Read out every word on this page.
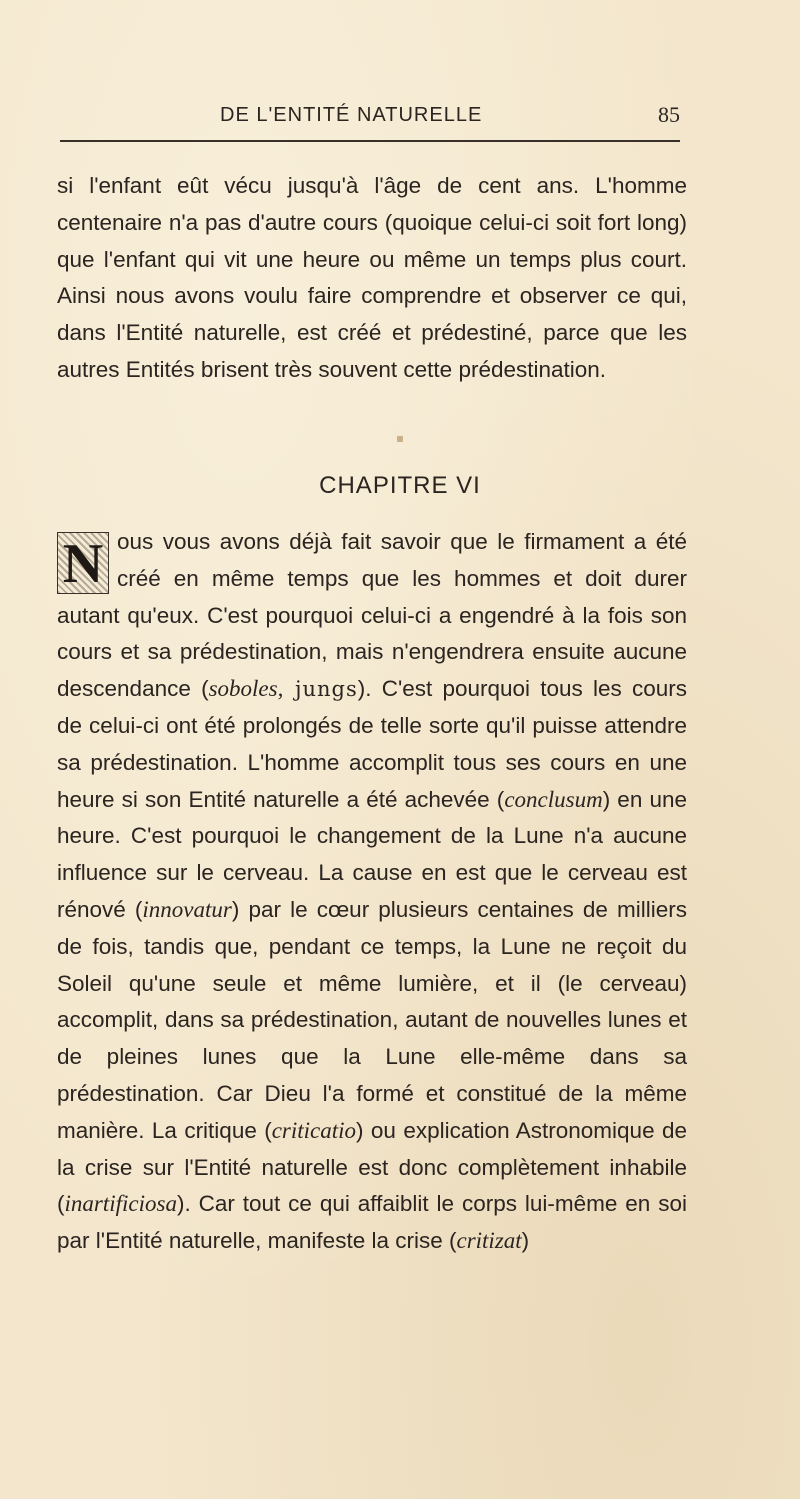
DE L'ENTITÉ NATURELLE	85

si l'enfant eût vécu jusqu'à l'âge de cent ans. L'homme centenaire n'a pas d'autre cours (quoique celui-ci soit fort long) que l'enfant qui vit une heure ou même un temps plus court. Ainsi nous avons voulu faire comprendre et observer ce qui, dans l'Entité naturelle, est créé et prédestiné, parce que les autres Entités brisent très souvent cette prédestination.

CHAPITRE VI

N ous vous avons déjà fait savoir que le firmament a été créé en même temps que les hommes et doit durer autant qu'eux. C'est pourquoi celui-ci a engendré à la fois son cours et sa prédestination, mais n'engendrera ensuite aucune descendance (soboles, jungs). C'est pourquoi tous les cours de celui-ci ont été prolongés de telle sorte qu'il puisse attendre sa prédestination. L'homme accomplit tous ses cours en une heure si son Entité naturelle a été achevée (conclusum) en une heure. C'est pourquoi le changement de la Lune n'a aucune influence sur le cerveau. La cause en est que le cerveau est rénové (innovatur) par le cœur plusieurs centaines de milliers de fois, tandis que, pendant ce temps, la Lune ne reçoit du Soleil qu'une seule et même lumière, et il (le cerveau) accomplit, dans sa prédestination, autant de nouvelles lunes et de pleines lunes que la Lune elle-même dans sa prédestination. Car Dieu l'a formé et constitué de la même manière. La critique (criticatio) ou explication Astronomique de la crise sur l'Entité naturelle est donc complètement inhabile (inartificiosa). Car tout ce qui affaiblit le corps lui-même en soi par l'Entité naturelle, manifeste la crise (critizat)
